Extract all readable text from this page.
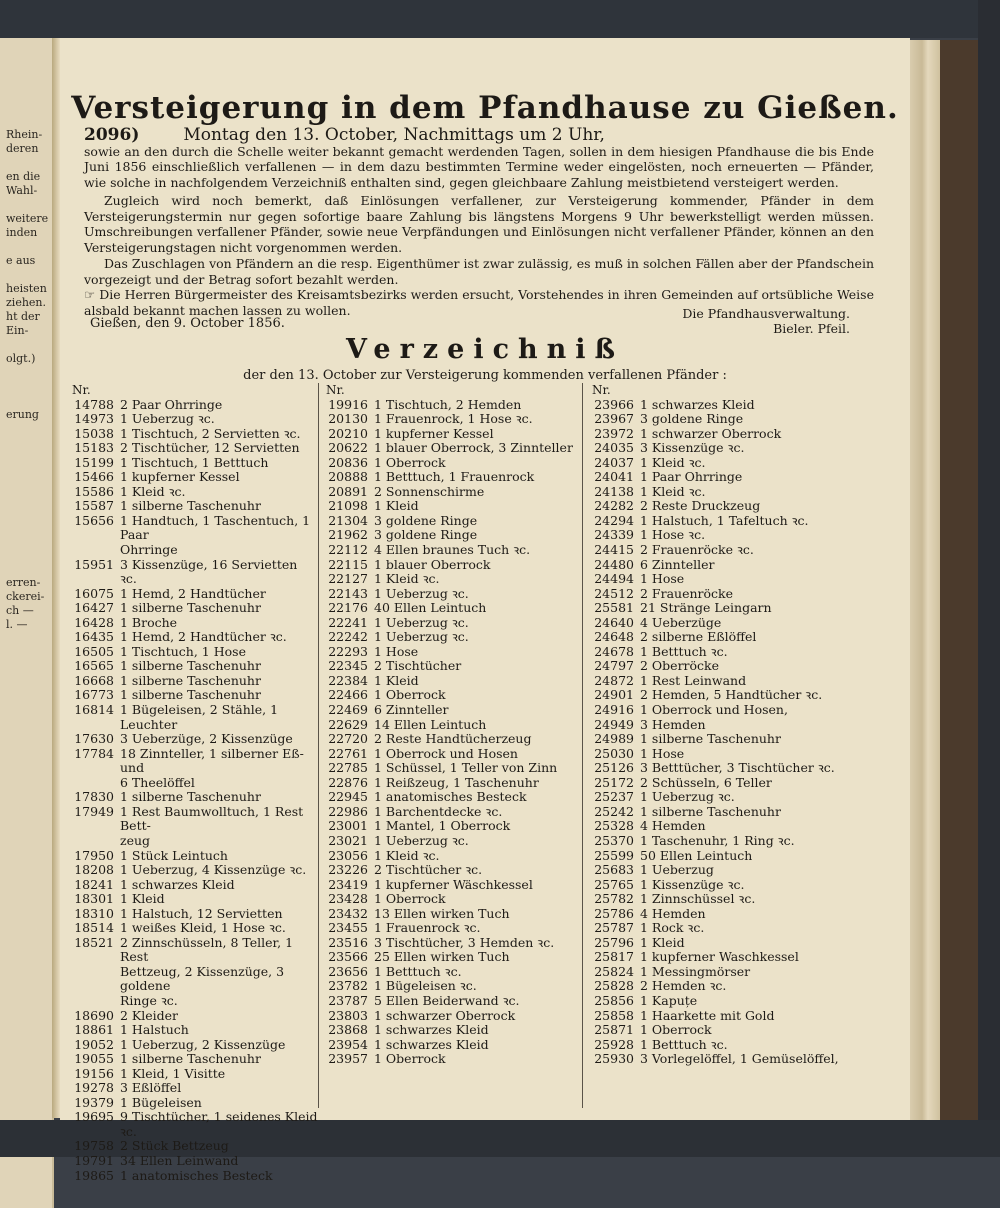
Rhein-
deren
en die
Wahl-
weitere
inden
e aus
heisten
ziehen.
ht der
Ein-
olgt.)
erung
erren-
ckerei-
ch —
l. —
Versteigerung in dem Pfandhause zu Gießen.

2096)	Montag den 13. October, Nachmittags um 2 Uhr,
sowie an den durch die Schelle weiter bekannt gemacht werdenden Tagen, sollen in dem hiesigen Pfandhause die bis Ende Juni 1856 einschließlich verfallenen — in dem dazu bestimmten Termine weder eingelösten, noch erneuerten — Pfänder, wie solche in nachfolgendem Verzeichniß enthalten sind, gegen gleichbaare Zahlung meistbietend versteigert werden.

Zugleich wird noch bemerkt, daß Einlösungen verfallener, zur Versteigerung kommender, Pfänder in dem Versteigerungstermin nur gegen sofortige baare Zahlung bis längstens Morgens 9 Uhr bewerkstelligt werden müssen. Umschreibungen verfallener Pfänder, sowie neue Verpfändungen und Einlösungen nicht verfallener Pfänder, können an den Versteigerungstagen nicht vorgenommen werden.

Das Zuschlagen von Pfändern an die resp. Eigenthümer ist zwar zulässig, es muß in solchen Fällen aber der Pfandschein vorgezeigt und der Betrag sofort bezahlt werden.

☞ Die Herren Bürgermeister des Kreisamtsbezirks werden ersucht, Vorstehendes in ihren Gemeinden auf ortsübliche Weise alsbald bekannt machen lassen zu wollen.

Gießen, den 9. October 1856.
Die Pfandhausverwaltung.
Bieler. Pfeil.
Verzeichniß
der den 13. October zur Versteigerung kommenden verfallenen Pfänder :
Nr.
14788 2 Paar Ohrringe
14973 1 Ueberzug ꝛc.
15038 1 Tischtuch, 2 Servietten ꝛc.
15183 2 Tischtücher, 12 Servietten
15199 1 Tischtuch, 1 Betttuch
15466 1 kupferner Kessel
15586 1 Kleid ꝛc.
15587 1 silberne Taschenuhr
15656 1 Handtuch, 1 Taschentuch, 1 Paar
Ohrringe
15951 3 Kissenzüge, 16 Servietten ꝛc.
16075 1 Hemd, 2 Handtücher
16427 1 silberne Taschenuhr
16428 1 Broche
16435 1 Hemd, 2 Handtücher ꝛc.
16505 1 Tischtuch, 1 Hose
16565 1 silberne Taschenuhr
16668 1 silberne Taschenuhr
16773 1 silberne Taschenuhr
16814 1 Bügeleisen, 2 Stähle, 1 Leuchter
17630 3 Ueberzüge, 2 Kissenzüge
17784 18 Zinnteller, 1 silberner Eß- und
6 Theelöffel
17830 1 silberne Taschenuhr
17949 1 Rest Baumwolltuch, 1 Rest Bett-
zeug
17950 1 Stück Leintuch
18208 1 Ueberzug, 4 Kissenzüge ꝛc.
18241 1 schwarzes Kleid
18301 1 Kleid
18310 1 Halstuch, 12 Servietten
18514 1 weißes Kleid, 1 Hose ꝛc.
18521 2 Zinnschüsseln, 8 Teller, 1 Rest
Bettzeug, 2 Kissenzüge, 3 goldene
Ringe ꝛc.
18690 2 Kleider
18861 1 Halstuch
19052 1 Ueberzug, 2 Kissenzüge
19055 1 silberne Taschenuhr
19156 1 Kleid, 1 Visitte
19278 3 Eßlöffel
19379 1 Bügeleisen
19695 9 Tischtücher, 1 seidenes Kleid ꝛc.
19758 2 Stück Bettzeug
19791 34 Ellen Leinwand
19865 1 anatomisches Besteck
Nr.
19916 1 Tischtuch, 2 Hemden
20130 1 Frauenrock, 1 Hose ꝛc.
20210 1 kupferner Kessel
20622 1 blauer Oberrock, 3 Zinnteller
20836 1 Oberrock
20888 1 Betttuch, 1 Frauenrock
20891 2 Sonnenschirme
21098 1 Kleid
21304 3 goldene Ringe
21962 3 goldene Ringe
22112 4 Ellen braunes Tuch ꝛc.
22115 1 blauer Oberrock
22127 1 Kleid ꝛc.
22143 1 Ueberzug ꝛc.
22176 40 Ellen Leintuch
22241 1 Ueberzug ꝛc.
22242 1 Ueberzug ꝛc.
22293 1 Hose
22345 2 Tischtücher
22384 1 Kleid
22466 1 Oberrock
22469 6 Zinnteller
22629 14 Ellen Leintuch
22720 2 Reste Handtücherzeug
22761 1 Oberrock und Hosen
22785 1 Schüssel, 1 Teller von Zinn
22876 1 Reißzeug, 1 Taschenuhr
22945 1 anatomisches Besteck
22986 1 Barchentdecke ꝛc.
23001 1 Mantel, 1 Oberrock
23021 1 Ueberzug ꝛc.
23056 1 Kleid ꝛc.
23226 2 Tischtücher ꝛc.
23419 1 kupferner Wäschkessel
23428 1 Oberrock
23432 13 Ellen wirken Tuch
23455 1 Frauenrock ꝛc.
23516 3 Tischtücher, 3 Hemden ꝛc.
23566 25 Ellen wirken Tuch
23656 1 Betttuch ꝛc.
23782 1 Bügeleisen ꝛc.
23787 5 Ellen Beiderwand ꝛc.
23803 1 schwarzer Oberrock
23868 1 schwarzes Kleid
23954 1 schwarzes Kleid
23957 1 Oberrock
Nr.
23966 1 schwarzes Kleid
23967 3 goldene Ringe
23972 1 schwarzer Oberrock
24035 3 Kissenzüge ꝛc.
24037 1 Kleid ꝛc.
24041 1 Paar Ohrringe
24138 1 Kleid ꝛc.
24282 2 Reste Druckzeug
24294 1 Halstuch, 1 Tafeltuch ꝛc.
24339 1 Hose ꝛc.
24415 2 Frauenröcke ꝛc.
24480 6 Zinnteller
24494 1 Hose
24512 2 Frauenröcke
25581 21 Stränge Leingarn
24640 4 Ueberzüge
24648 2 silberne Eßlöffel
24678 1 Betttuch ꝛc.
24797 2 Oberröcke
24872 1 Rest Leinwand
24901 2 Hemden, 5 Handtücher ꝛc.
24916 1 Oberrock und Hosen,
24949 3 Hemden
24989 1 silberne Taschenuhr
25030 1 Hose
25126 3 Betttücher, 3 Tischtücher ꝛc.
25172 2 Schüsseln, 6 Teller
25237 1 Ueberzug ꝛc.
25242 1 silberne Taschenuhr
25328 4 Hemden
25370 1 Taschenuhr, 1 Ring ꝛc.
25599 50 Ellen Leintuch
25683 1 Ueberzug
25765 1 Kissenzüge ꝛc.
25782 1 Zinnschüssel ꝛc.
25786 4 Hemden
25787 1 Rock ꝛc.
25796 1 Kleid
25817 1 kupferner Waschkessel
25824 1 Messingmörser
25828 2 Hemden ꝛc.
25856 1 Kapuțe
25858 1 Haarkette mit Gold
25871 1 Oberrock
25928 1 Betttuch ꝛc.
25930 3 Vorlegelöffel, 1 Gemüselöffel,
